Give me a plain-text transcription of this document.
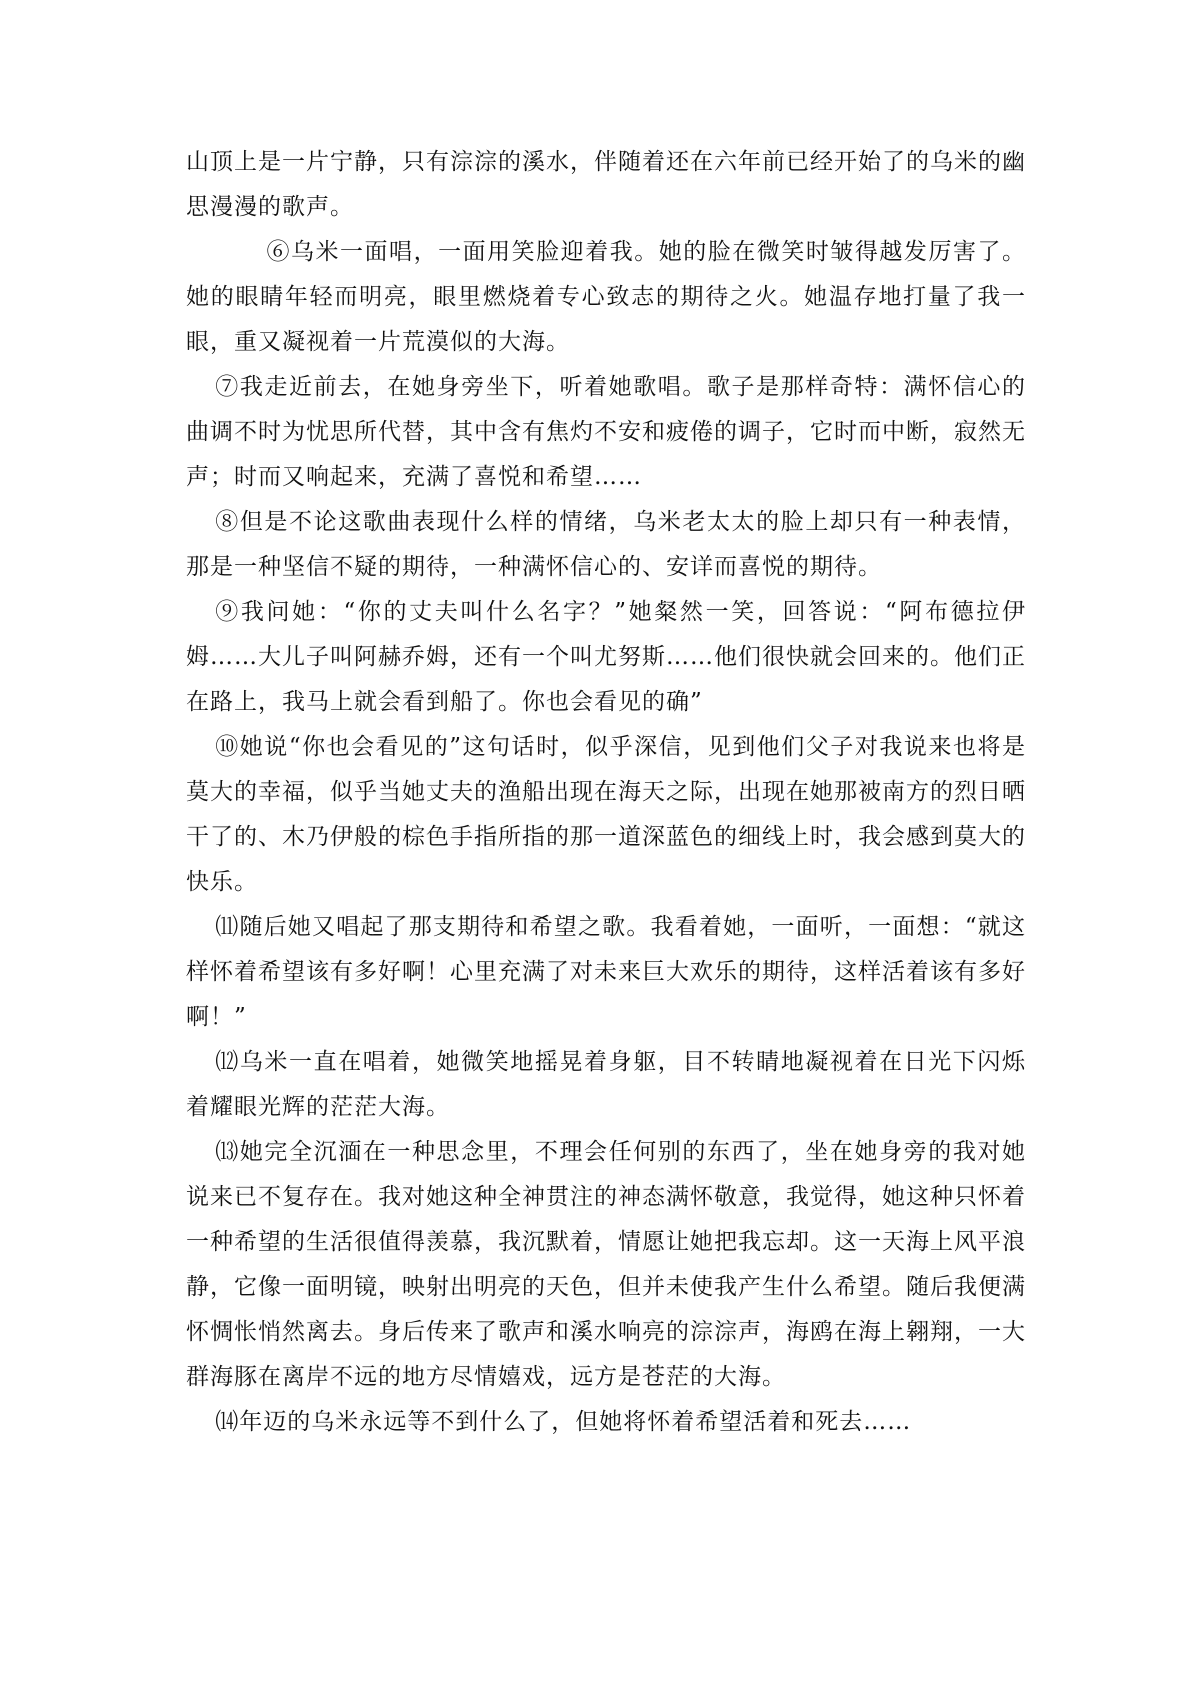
山顶上是一片宁静，只有淙淙的溪水，伴随着还在六年前已经开始了的乌米的幽思漫漫的歌声。

⑥乌米一面唱，一面用笑脸迎着我。她的脸在微笑时皱得越发厉害了。她的眼睛年轻而明亮，眼里燃烧着专心致志的期待之火。她温存地打量了我一眼，重又凝视着一片荒漠似的大海。

⑦我走近前去，在她身旁坐下，听着她歌唱。歌子是那样奇特：满怀信心的曲调不时为忧思所代替，其中含有焦灼不安和疲倦的调子，它时而中断，寂然无声；时而又响起来，充满了喜悦和希望……

⑧但是不论这歌曲表现什么样的情绪，乌米老太太的脸上却只有一种表情，那是一种坚信不疑的期待，一种满怀信心的、安详而喜悦的期待。

⑨我问她：“你的丈夫叫什么名字？”她粲然一笑，回答说：“阿布德拉伊姆……大儿子叫阿赫乔姆，还有一个叫尤努斯……他们很快就会回来的。他们正在路上，我马上就会看到船了。你也会看见的确”

⑩她说“你也会看见的”这句话时，似乎深信，见到他们父子对我说来也将是莫大的幸福，似乎当她丈夫的渔船出现在海天之际，出现在她那被南方的烈日晒干了的、木乃伊般的棕色手指所指的那一道深蓝色的细线上时，我会感到莫大的快乐。

⑾随后她又唱起了那支期待和希望之歌。我看着她，一面听，一面想：“就这样怀着希望该有多好啊！心里充满了对未来巨大欢乐的期待，这样活着该有多好啊！”

⑿乌米一直在唱着，她微笑地摇晃着身躯，目不转睛地凝视着在日光下闪烁着耀眼光辉的茫茫大海。

⒀她完全沉湎在一种思念里，不理会任何别的东西了，坐在她身旁的我对她说来已不复存在。我对她这种全神贯注的神态满怀敬意，我觉得，她这种只怀着一种希望的生活很值得羡慕，我沉默着，情愿让她把我忘却。这一天海上风平浪静，它像一面明镜，映射出明亮的天色，但并未使我产生什么希望。随后我便满怀惆怅悄然离去。身后传来了歌声和溪水响亮的淙淙声，海鸥在海上翱翔，一大群海豚在离岸不远的地方尽情嬉戏，远方是苍茫的大海。

⒁年迈的乌米永远等不到什么了，但她将怀着希望活着和死去……
